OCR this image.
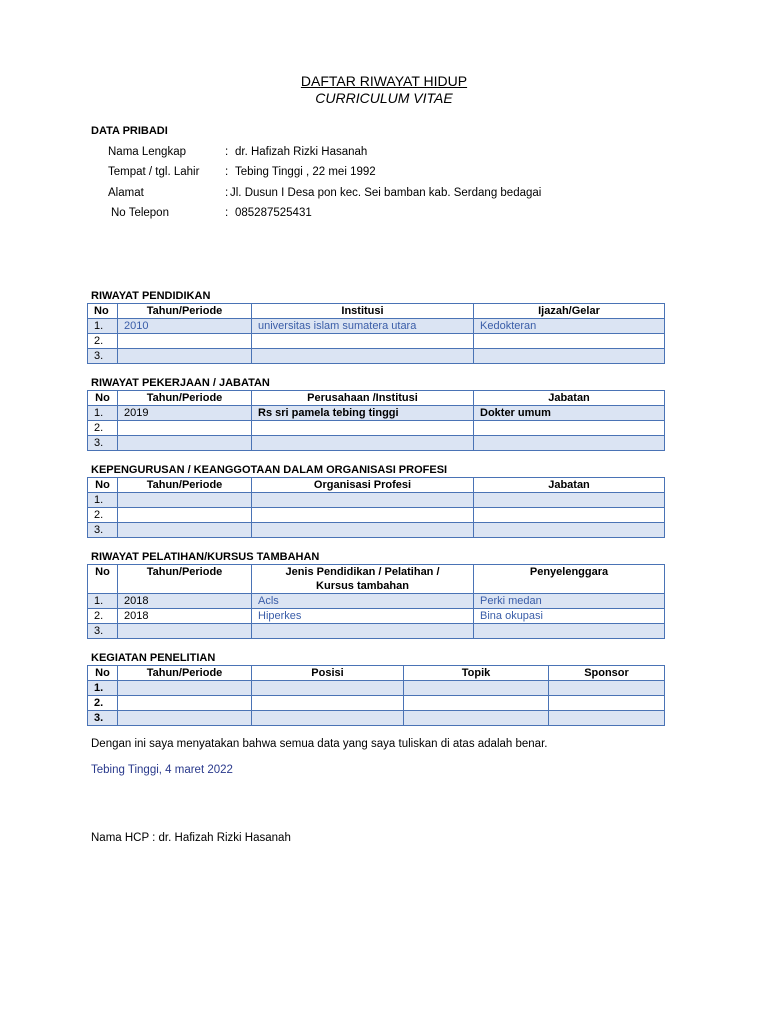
DAFTAR RIWAYAT HIDUP
CURRICULUM VITAE
DATA PRIBADI
Nama Lengkap	: dr. Hafizah Rizki Hasanah
Tempat / tgl. Lahir : Tebing Tinggi , 22 mei 1992
Alamat	: Jl. Dusun I Desa pon kec. Sei bamban kab. Serdang bedagai
No Telepon	: 085287525431
RIWAYAT PENDIDIKAN
No	Tahun/Periode	Institusi	Ijazah/Gelar
1.	2010	universitas islam sumatera utara	Kedokteran
2.			
3.			
RIWAYAT PEKERJAAN / JABATAN
No	Tahun/Periode	Perusahaan /Institusi	Jabatan
1.	2019	Rs sri pamela tebing tinggi	Dokter umum
2.			
3.			
KEPENGURUSAN / KEANGGOTAAN DALAM ORGANISASI PROFESI
No	Tahun/Periode	Organisasi Profesi	Jabatan
1.			
2.			
3.			
RIWAYAT PELATIHAN/KURSUS TAMBAHAN
No	Tahun/Periode	Jenis Pendidikan / Pelatihan / Kursus tambahan	Penyelenggara
1.	2018	Acls	Perki medan
2.	2018	Hiperkes	Bina okupasi
3.			
KEGIATAN PENELITIAN
No	Tahun/Periode	Posisi	Topik	Sponsor
1.				
2.				
3.				
Dengan ini saya menyatakan bahwa semua data yang saya tuliskan di atas adalah benar.
Tebing Tinggi, 4 maret 2022
Nama HCP : dr. Hafizah Rizki Hasanah
